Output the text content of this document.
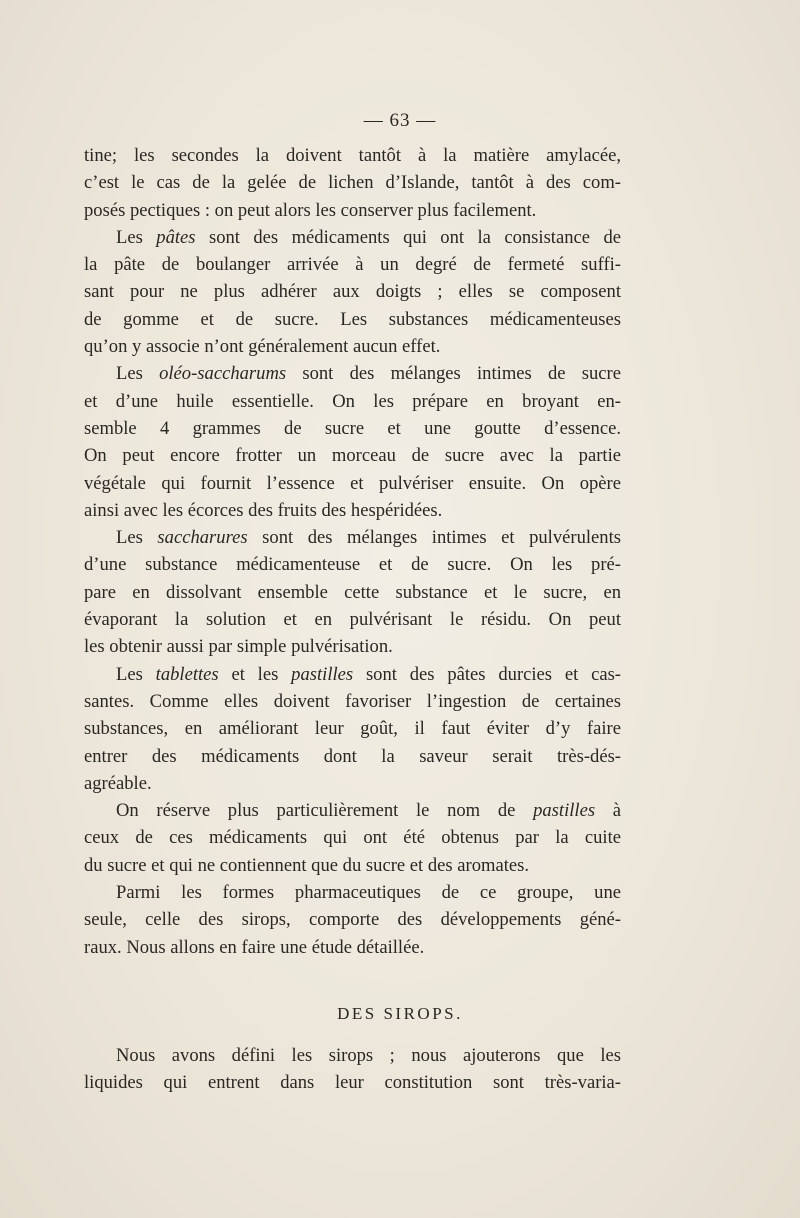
— 63 —
tine; les secondes la doivent tantôt à la matière amylacée,
c’est le cas de la gelée de lichen d’Islande, tantôt à des com-
posés pectiques : on peut alors les conserver plus facilement.
Les pâtes sont des médicaments qui ont la consistance de
la pâte de boulanger arrivée à un degré de fermeté suffi-
sant pour ne plus adhérer aux doigts ; elles se composent
de gomme et de sucre. Les substances médicamenteuses
qu’on y associe n’ont généralement aucun effet.
Les oléo-saccharums sont des mélanges intimes de sucre
et d’une huile essentielle. On les prépare en broyant en-
semble 4 grammes de sucre et une goutte d’essence.
On peut encore frotter un morceau de sucre avec la partie
végétale qui fournit l’essence et pulvériser ensuite. On opère
ainsi avec les écorces des fruits des hespéridées.
Les saccharures sont des mélanges intimes et pulvérulents
d’une substance médicamenteuse et de sucre. On les pré-
pare en dissolvant ensemble cette substance et le sucre, en
évaporant la solution et en pulvérisant le résidu. On peut
les obtenir aussi par simple pulvérisation.
Les tablettes et les pastilles sont des pâtes durcies et cas-
santes. Comme elles doivent favoriser l’ingestion de certaines
substances, en améliorant leur goût, il faut éviter d’y faire
entrer des médicaments dont la saveur serait très-dés-
agréable.
On réserve plus particulièrement le nom de pastilles à
ceux de ces médicaments qui ont été obtenus par la cuite
du sucre et qui ne contiennent que du sucre et des aromates.
Parmi les formes pharmaceutiques de ce groupe, une
seule, celle des sirops, comporte des développements géné-
raux. Nous allons en faire une étude détaillée.
DES SIROPS.
Nous avons défini les sirops ; nous ajouterons que les
liquides qui entrent dans leur constitution sont très-varia-
